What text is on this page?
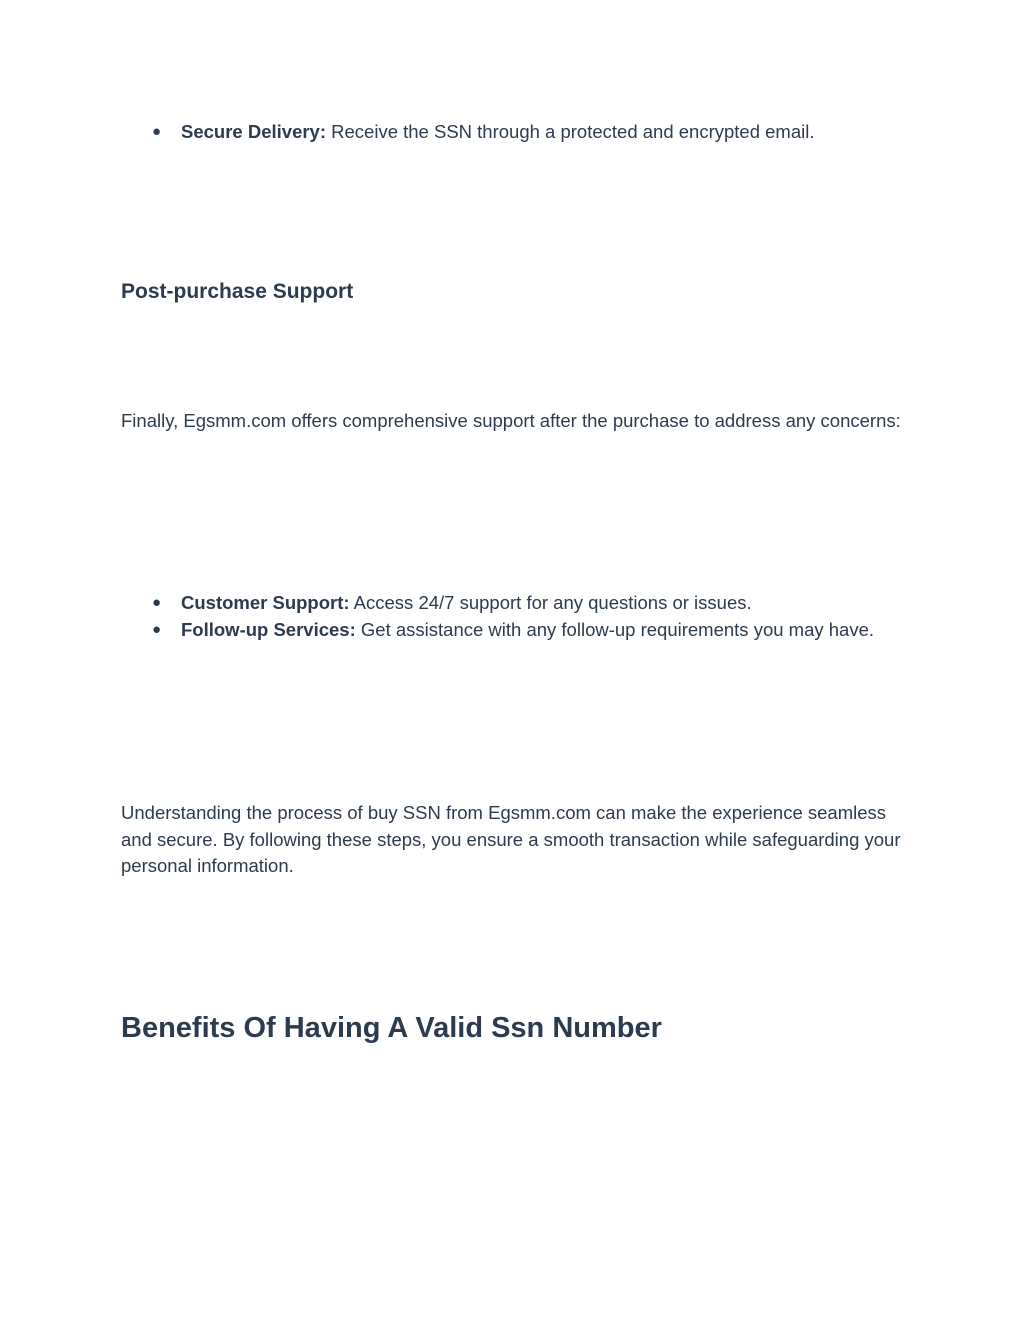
● Secure Delivery: Receive the SSN through a protected and encrypted email.
Post-purchase Support

Finally, Egsmm.com offers comprehensive support after the purchase to address any concerns:

● Customer Support: Access 24/7 support for any questions or issues.
● Follow-up Services: Get assistance with any follow-up requirements you may have.

Understanding the process of buy SSN from Egsmm.com can make the experience seamless and secure. By following these steps, you ensure a smooth transaction while safeguarding your personal information.

Benefits Of Having A Valid Ssn Number
